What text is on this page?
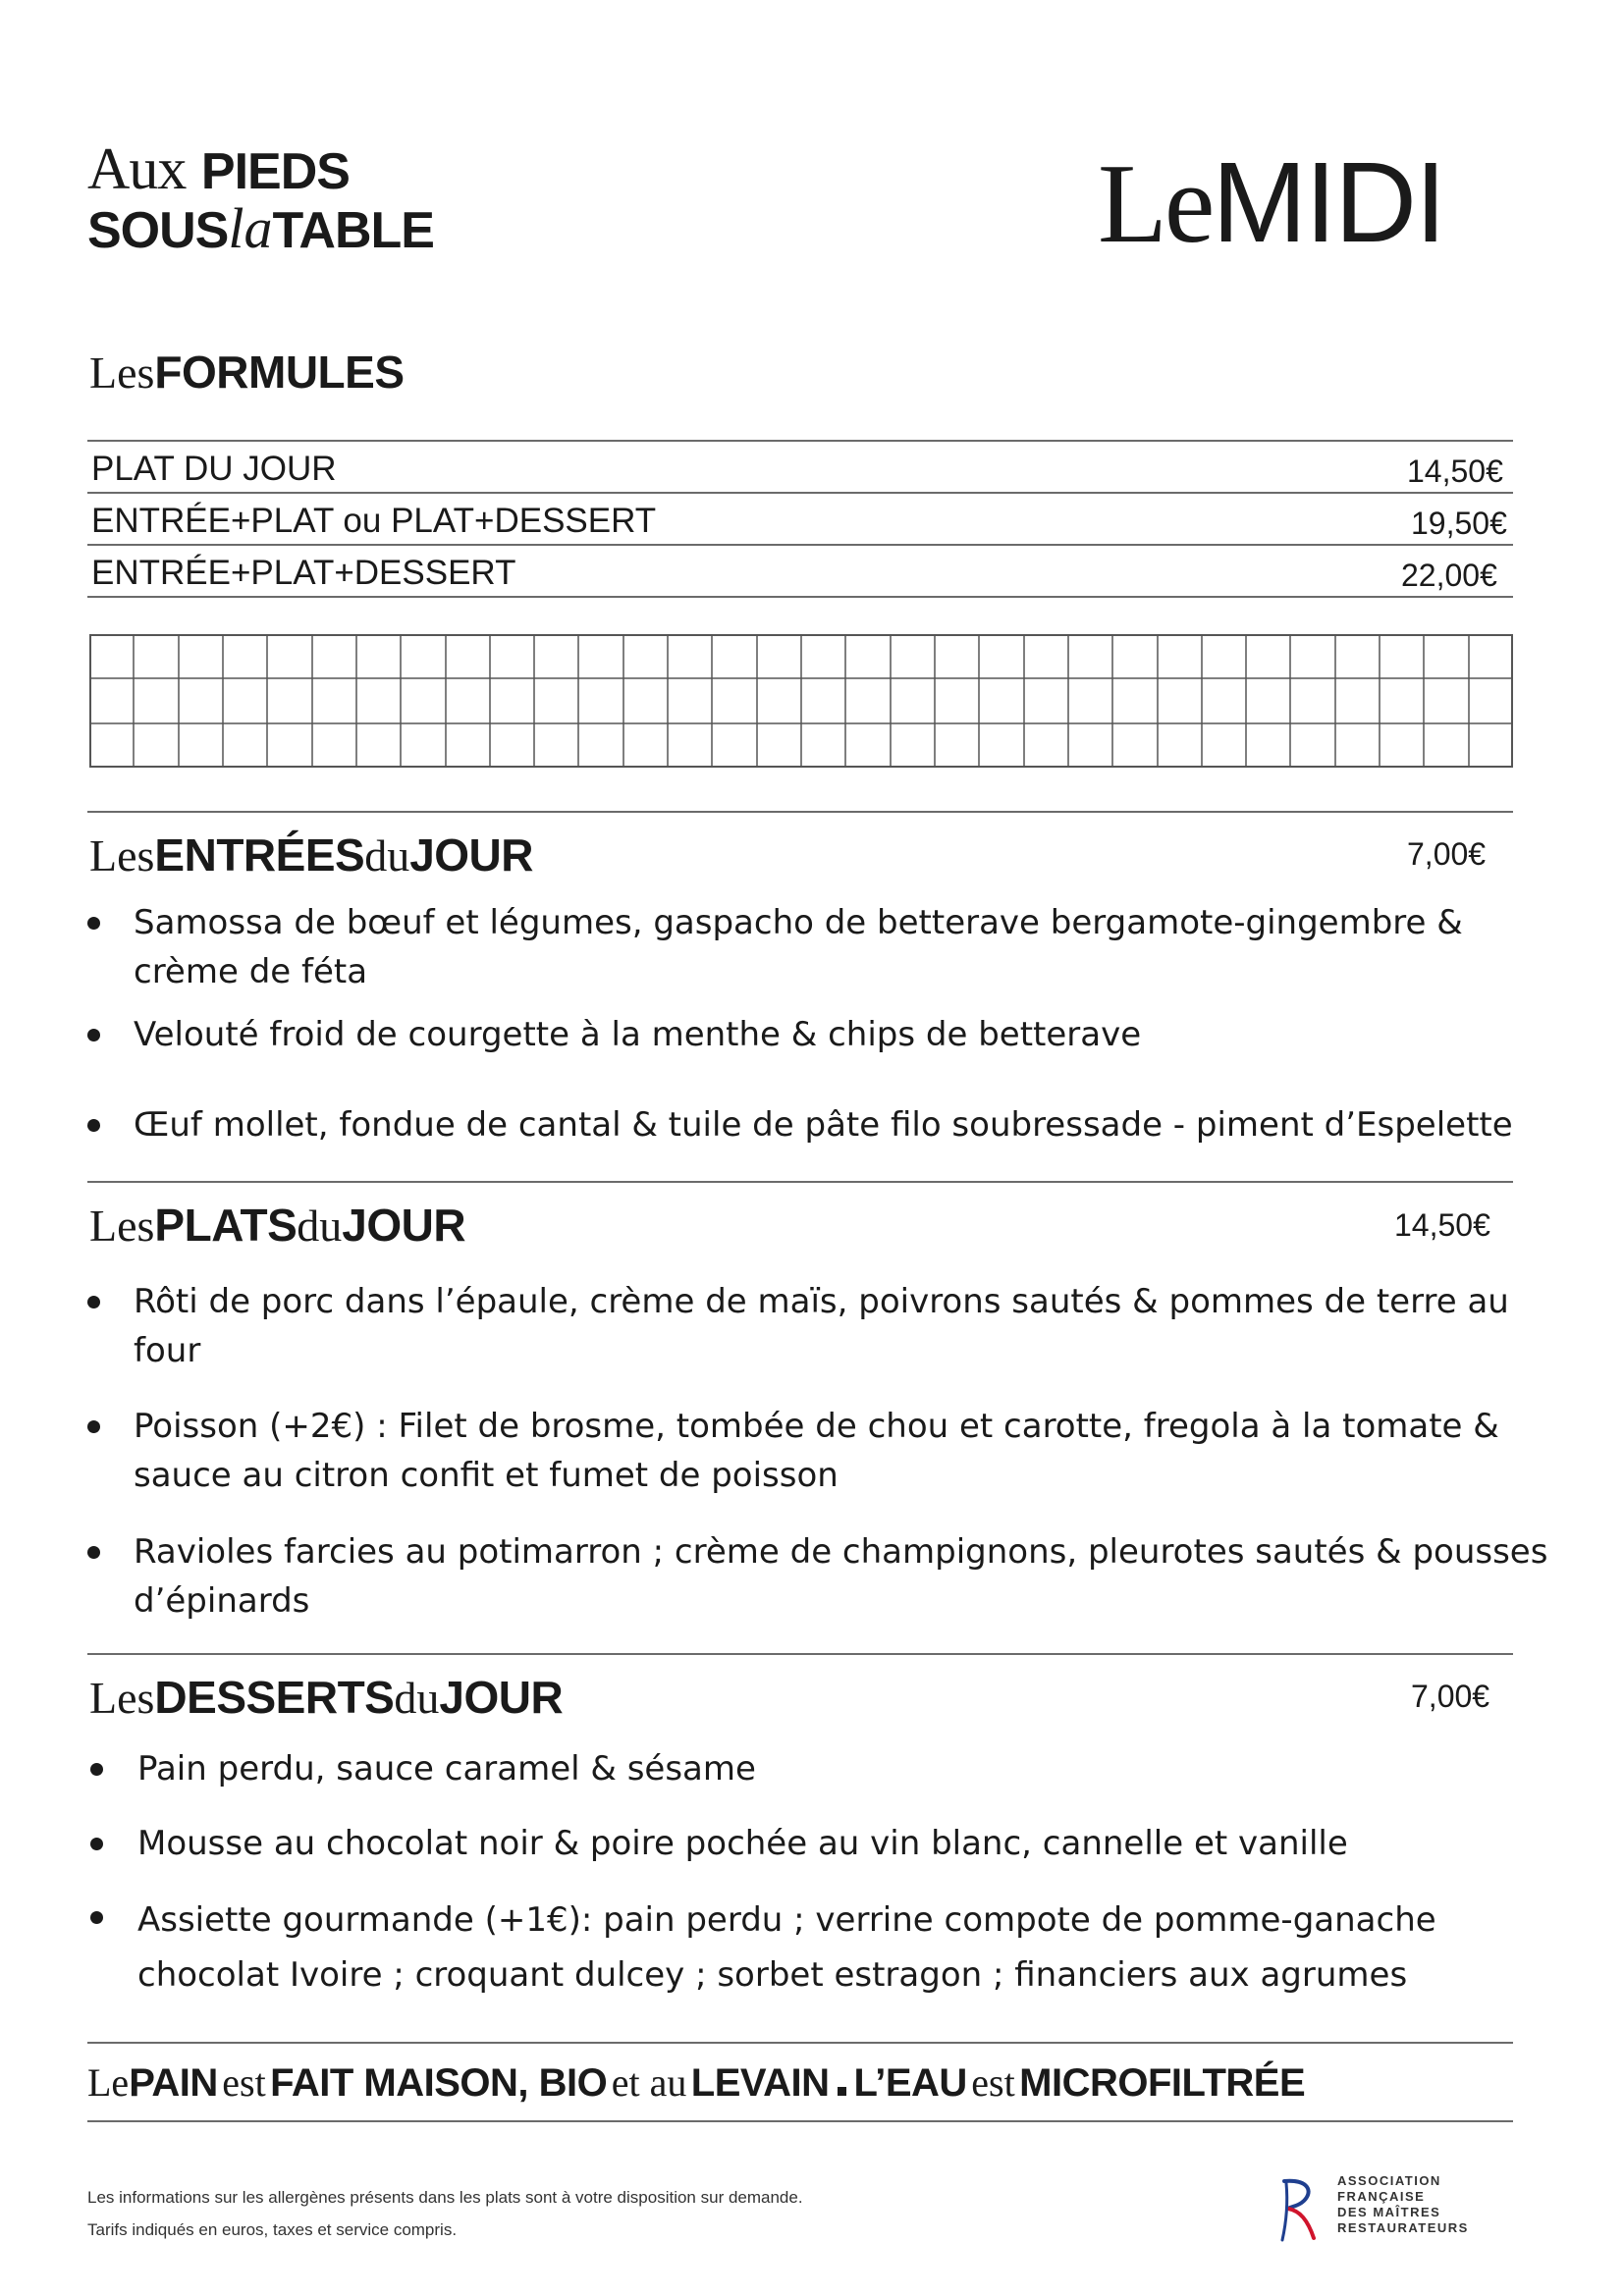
Aux PIEDS
SOUSlaTABLE	LeMIDI
LesFORMULES
PLAT DU JOUR	14,50€
ENTRÉE+PLAT ou PLAT+DESSERT	19,50€
ENTRÉE+PLAT+DESSERT	22,00€
LesENTRÉESduJOUR	7,00€
Samossa de bœuf et légumes, gaspacho de betterave bergamote-gingembre & crème de féta
Velouté froid de courgette à la menthe & chips de betterave
Œuf mollet, fondue de cantal & tuile de pâte filo soubressade - piment d’Espelette
LesPLATSduJOUR	14,50€
Rôti de porc dans l’épaule, crème de maïs, poivrons sautés & pommes de terre au four
Poisson (+2€) : Filet de brosme, tombée de chou et carotte, fregola à la tomate & sauce au citron confit et fumet de poisson
Ravioles farcies au potimarron ; crème de champignons, pleurotes sautés & pousses d’épinards
LesDESSERTSduJOUR	7,00€
Pain perdu, sauce caramel & sésame
Mousse au chocolat noir & poire pochée au vin blanc, cannelle et vanille
Assiette gourmande (+1€): pain perdu ; verrine compote de pomme-ganache chocolat Ivoire ; croquant dulcey ; sorbet estragon ; financiers aux agrumes
LePAIN est FAIT MAISON, BIO et au LEVAIN L’EAU est MICROFILTRÉE
Les informations sur les allergènes présents dans les plats sont à votre disposition sur demande.
Tarifs indiqués en euros, taxes et service compris.
ASSOCIATION
FRANÇAISE
DES MAÎTRES
RESTAURATEURS
